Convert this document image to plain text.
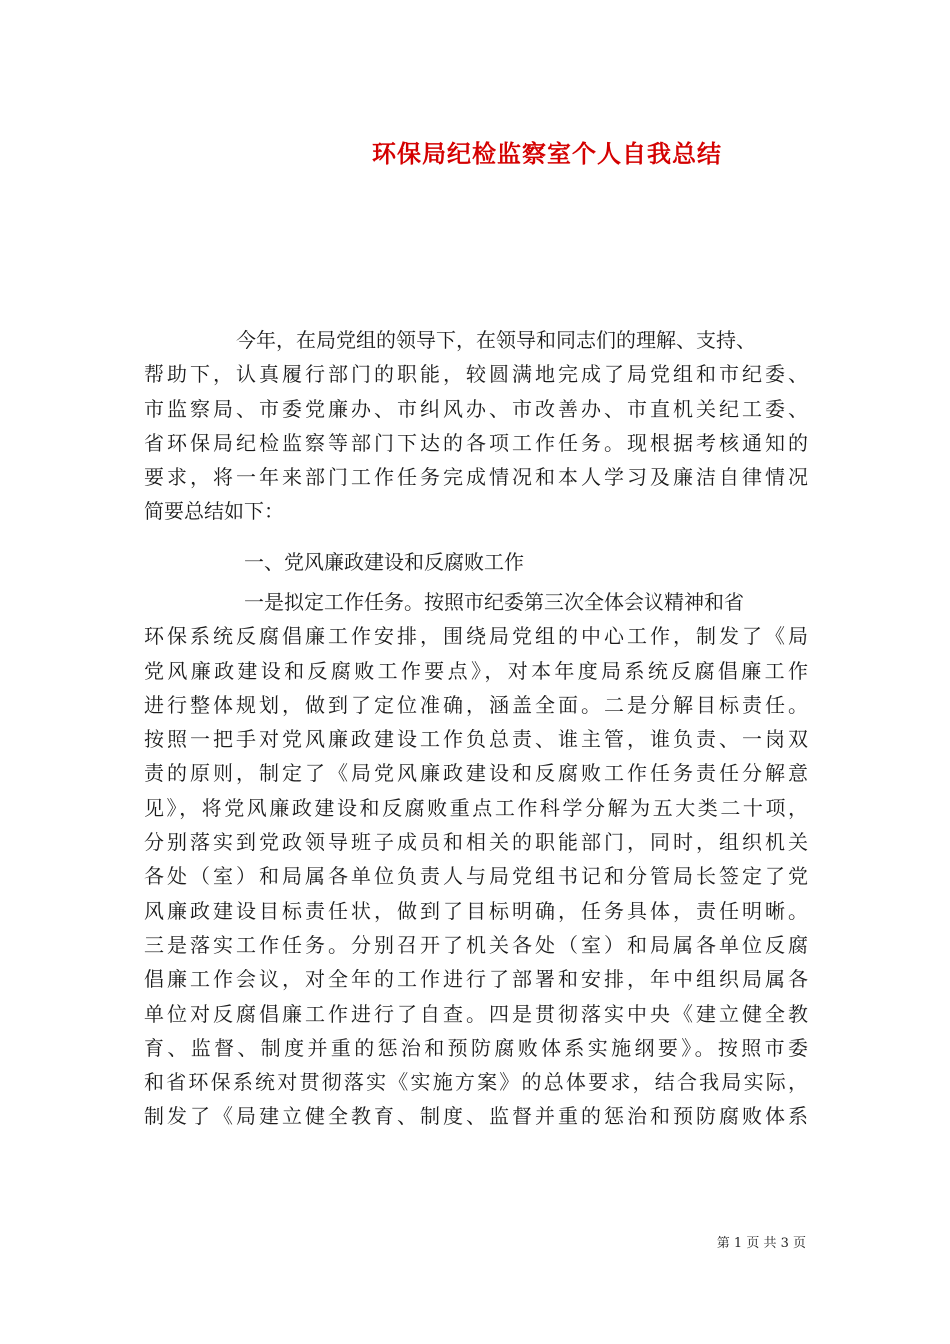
环保局纪检监察室个人自我总结
今年，在局党组的领导下，在领导和同志们的理解、支持、
帮助下，认真履行部门的职能，较圆满地完成了局党组和市纪委、
市监察局、市委党廉办、市纠风办、市改善办、市直机关纪工委、
省环保局纪检监察等部门下达的各项工作任务。现根据考核通知的
要求，将一年来部门工作任务完成情况和本人学习及廉洁自律情况
简要总结如下：
一、党风廉政建设和反腐败工作
一是拟定工作任务。按照市纪委第三次全体会议精神和省
环保系统反腐倡廉工作安排，围绕局党组的中心工作，制发了《局
党风廉政建设和反腐败工作要点》，对本年度局系统反腐倡廉工作
进行整体规划，做到了定位准确，涵盖全面。二是分解目标责任。
按照一把手对党风廉政建设工作负总责、谁主管，谁负责、一岗双
责的原则，制定了《局党风廉政建设和反腐败工作任务责任分解意
见》，将党风廉政建设和反腐败重点工作科学分解为五大类二十项，
分别落实到党政领导班子成员和相关的职能部门，同时，组织机关
各处（室）和局属各单位负责人与局党组书记和分管局长签定了党
风廉政建设目标责任状，做到了目标明确，任务具体，责任明晰。
三是落实工作任务。分别召开了机关各处（室）和局属各单位反腐
倡廉工作会议，对全年的工作进行了部署和安排，年中组织局属各
单位对反腐倡廉工作进行了自查。四是贯彻落实中央《建立健全教
育、监督、制度并重的惩治和预防腐败体系实施纲要》。按照市委
和省环保系统对贯彻落实《实施方案》的总体要求，结合我局实际，
制发了《局建立健全教育、制度、监督并重的惩治和预防腐败体系
第 1 页 共 3 页
